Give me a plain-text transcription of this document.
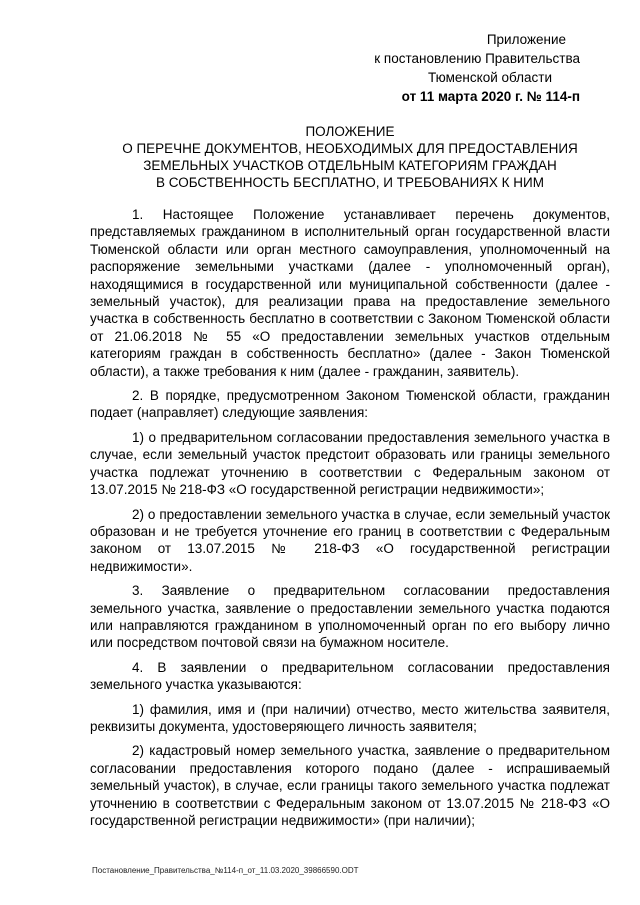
Приложение
к постановлению Правительства
Тюменской области
от 11 марта 2020 г. № 114-п
ПОЛОЖЕНИЕ
О ПЕРЕЧНЕ ДОКУМЕНТОВ, НЕОБХОДИМЫХ ДЛЯ ПРЕДОСТАВЛЕНИЯ
ЗЕМЕЛЬНЫХ УЧАСТКОВ ОТДЕЛЬНЫМ КАТЕГОРИЯМ ГРАЖДАН
В СОБСТВЕННОСТЬ БЕСПЛАТНО, И ТРЕБОВАНИЯХ К НИМ

1. Настоящее Положение устанавливает перечень документов, представляемых гражданином в исполнительный орган государственной власти Тюменской области или орган местного самоуправления, уполномоченный на распоряжение земельными участками (далее - уполномоченный орган), находящимися в государственной или муниципальной собственности (далее - земельный участок), для реализации права на предоставление земельного участка в собственность бесплатно в соответствии с Законом Тюменской области от 21.06.2018 № 55 «О предоставлении земельных участков отдельным категориям граждан в собственность бесплатно» (далее - Закон Тюменской области), а также требования к ним (далее - гражданин, заявитель).

2. В порядке, предусмотренном Законом Тюменской области, гражданин подает (направляет) следующие заявления:

1) о предварительном согласовании предоставления земельного участка в случае, если земельный участок предстоит образовать или границы земельного участка подлежат уточнению в соответствии с Федеральным законом от 13.07.2015 № 218-ФЗ «О государственной регистрации недвижимости»;

2) о предоставлении земельного участка в случае, если земельный участок образован и не требуется уточнение его границ в соответствии с Федеральным законом от 13.07.2015 № 218-ФЗ «О государственной регистрации недвижимости».

3. Заявление о предварительном согласовании предоставления земельного участка, заявление о предоставлении земельного участка подаются или направляются гражданином в уполномоченный орган по его выбору лично или посредством почтовой связи на бумажном носителе.

4. В заявлении о предварительном согласовании предоставления земельного участка указываются:

1) фамилия, имя и (при наличии) отчество, место жительства заявителя, реквизиты документа, удостоверяющего личность заявителя;

2) кадастровый номер земельного участка, заявление о предварительном согласовании предоставления которого подано (далее - испрашиваемый земельный участок), в случае, если границы такого земельного участка подлежат уточнению в соответствии с Федеральным законом от 13.07.2015 № 218-ФЗ «О государственной регистрации недвижимости» (при наличии);

Постановление_Правительства_№114-п_от_11.03.2020_39866590.ODT
